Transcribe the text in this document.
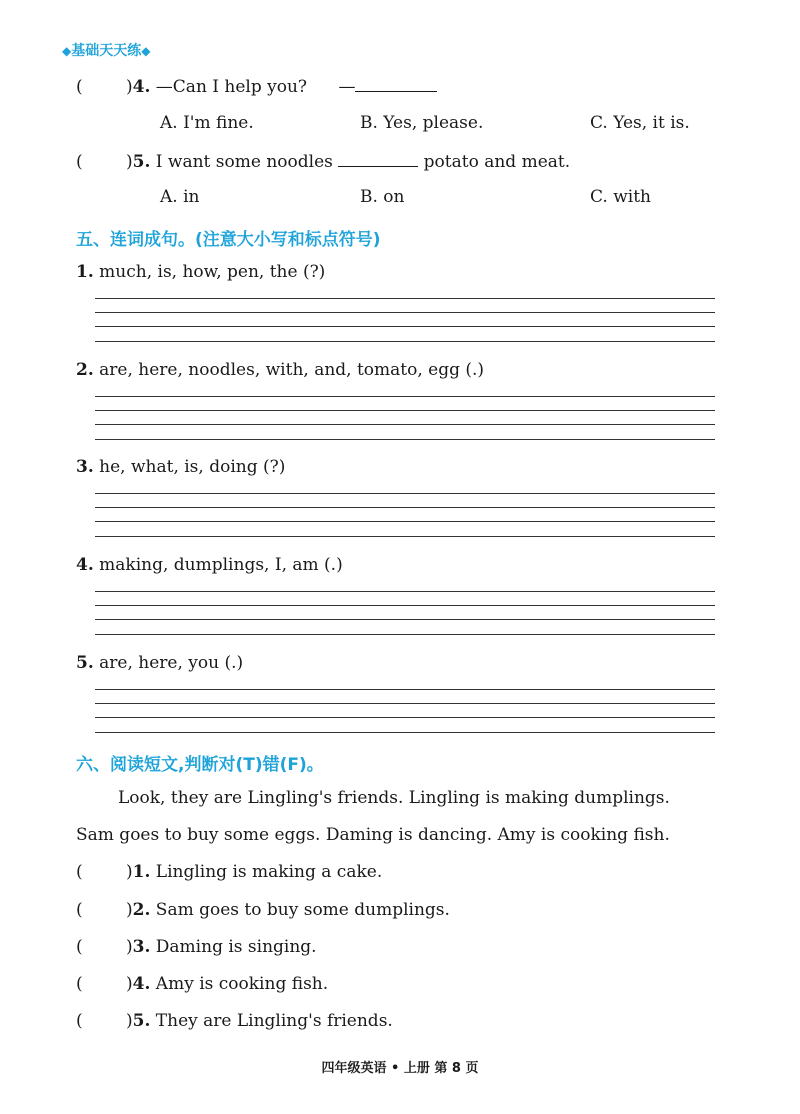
◆基础天天练◆
(	)4. —Can I help you? —
A. I'm fine.	B. Yes, please.	C. Yes, it is.
(	)5. I want some noodles	potato and meat.
A. in	B. on	C. with
五、连词成句。(注意大小写和标点符号)
1. much, is, how, pen, the (?)
2. are, here, noodles, with, and, tomato, egg (.)
3. he, what, is, doing (?)
4. making, dumplings, I, am (.)
5. are, here, you (.)
六、阅读短文,判断对(T)错(F)。
Look, they are Lingling's friends. Lingling is making dumplings.
Sam goes to buy some eggs. Daming is dancing. Amy is cooking fish.
(	)1. Lingling is making a cake.
(	)2. Sam goes to buy some dumplings.
(	)3. Daming is singing.
(	)4. Amy is cooking fish.
(	)5. They are Lingling's friends.
四年级英语 • 上册 第 8 页
